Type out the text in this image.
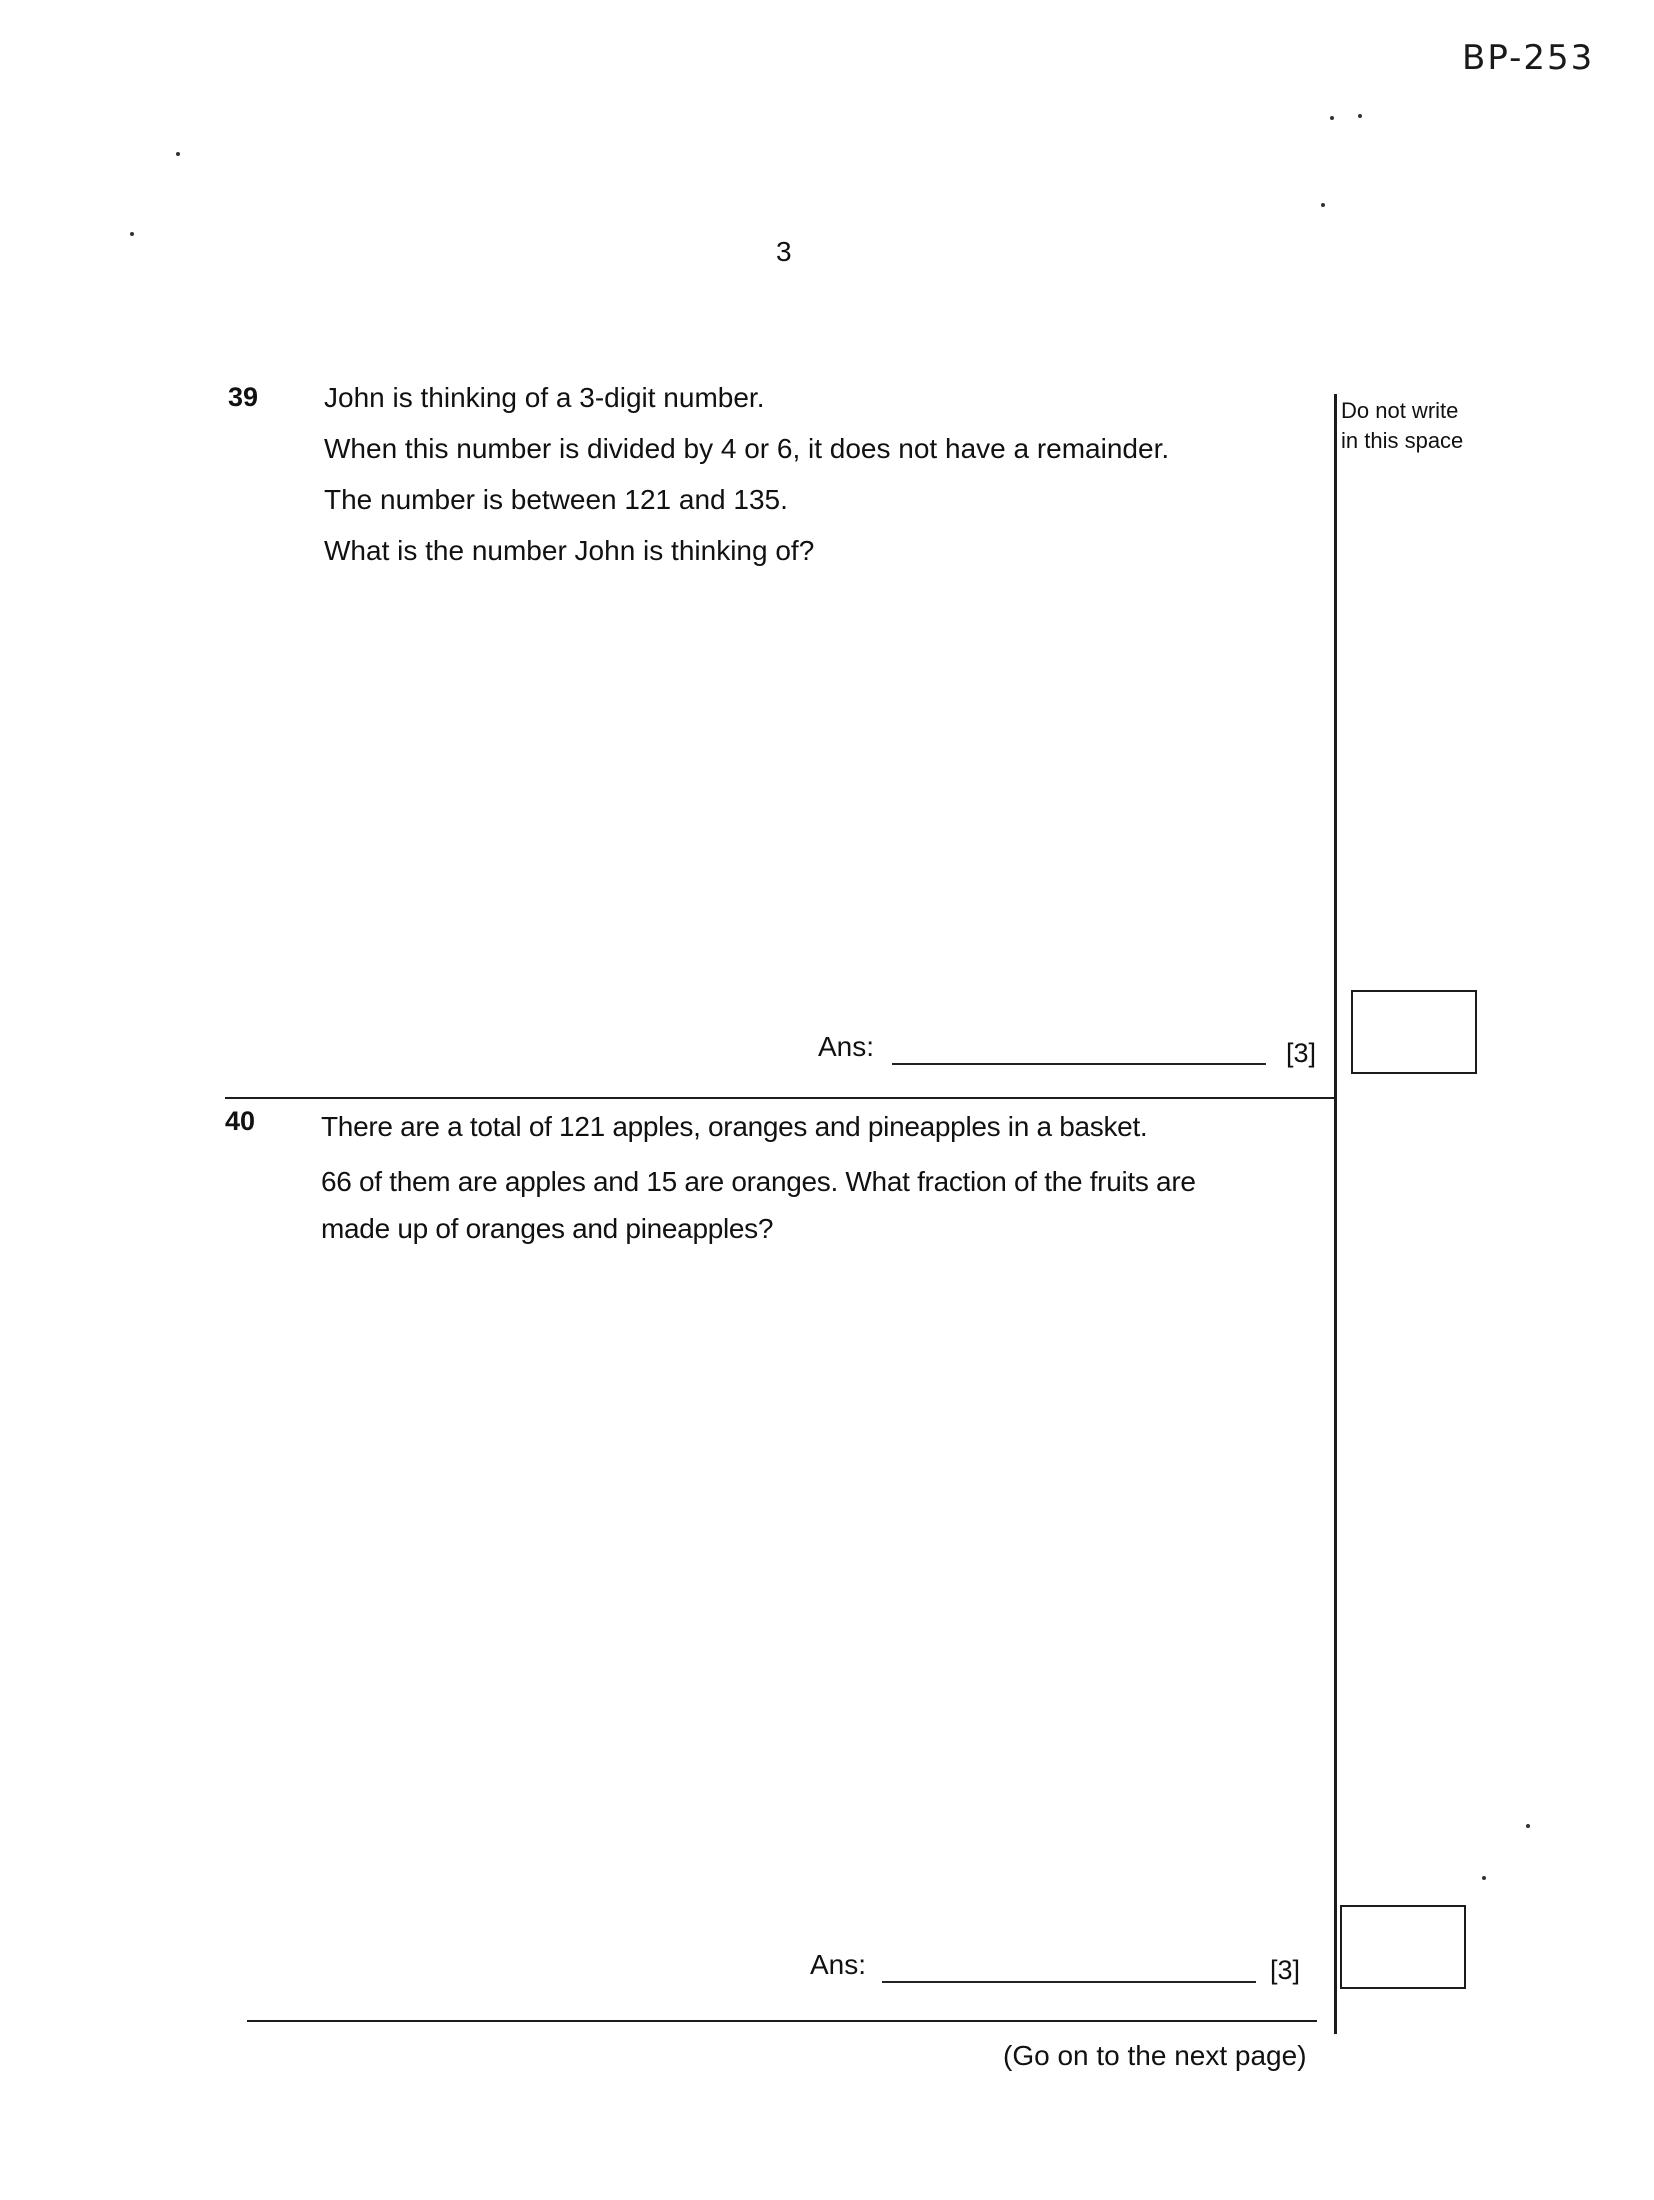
BP-253
3
Do not write
in this space
39 John is thinking of a 3-digit number.
When this number is divided by 4 or 6, it does not have a remainder.
The number is between 121 and 135.
What is the number John is thinking of?
Ans:	[3]
40 There are a total of 121 apples, oranges and pineapples in a basket.
66 of them are apples and 15 are oranges. What fraction of the fruits are
made up of oranges and pineapples?
Ans:	[3]
(Go on to the next page)
